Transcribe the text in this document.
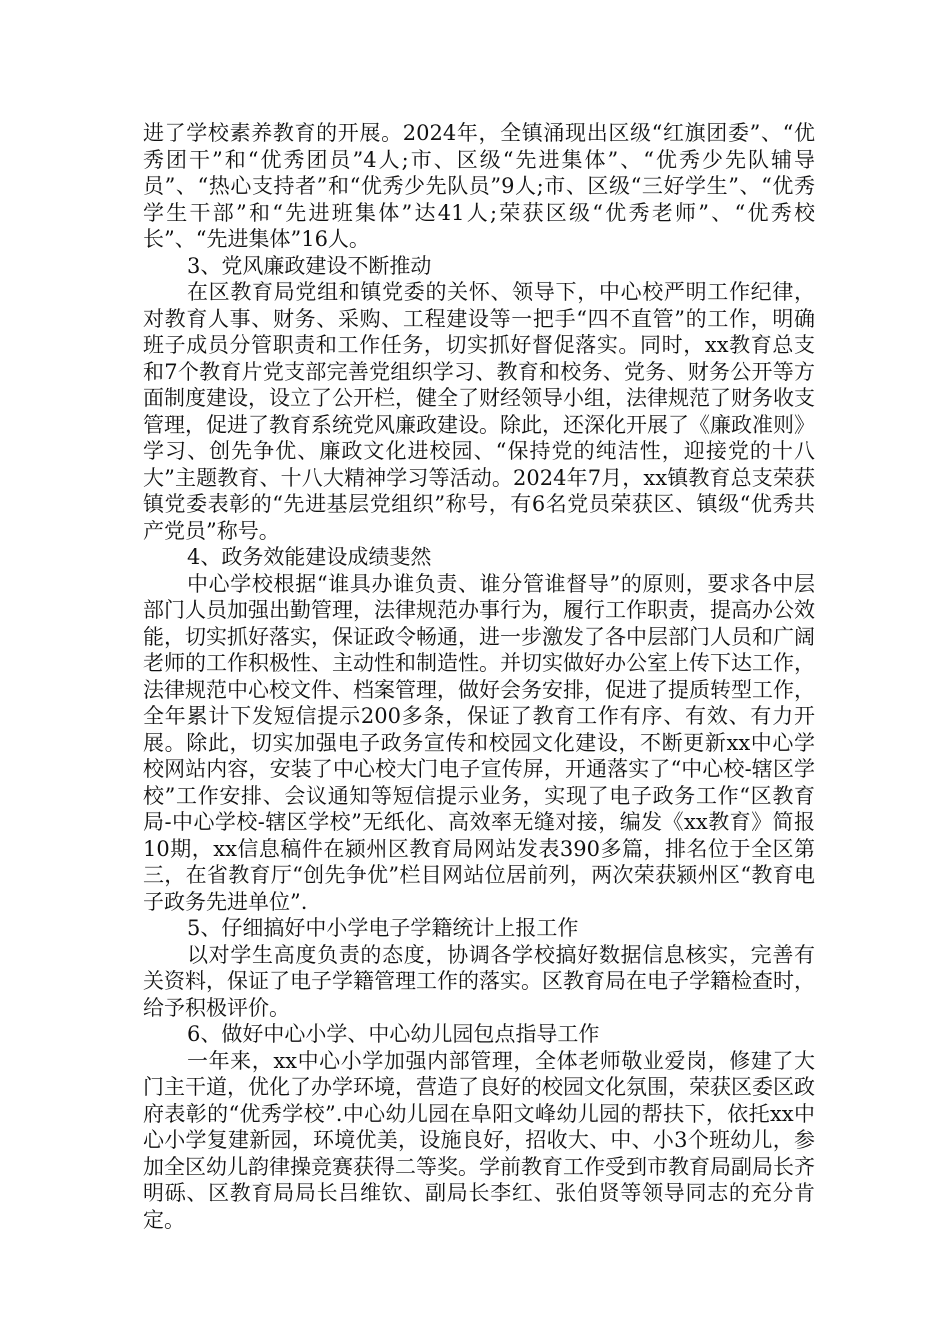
进了学校素养教育的开展。2024年，全镇涌现出区级“红旗团委”、“优秀团干”和“优秀团员”4人;市、区级“先进集体”、“优秀少先队辅导员”、“热心支持者”和“优秀少先队员”9人;市、区级“三好学生”、“优秀学生干部”和“先进班集体”达41人;荣获区级“优秀老师”、“优秀校长”、“先进集体”16人。

3、党风廉政建设不断推动

在区教育局党组和镇党委的关怀、领导下，中心校严明工作纪律，对教育人事、财务、采购、工程建设等一把手“四不直管”的工作，明确班子成员分管职责和工作任务，切实抓好督促落实。同时，xx教育总支和7个教育片党支部完善党组织学习、教育和校务、党务、财务公开等方面制度建设，设立了公开栏，健全了财经领导小组，法律规范了财务收支管理，促进了教育系统党风廉政建设。除此，还深化开展了《廉政准则》学习、创先争优、廉政文化进校园、“保持党的纯洁性，迎接党的十八大”主题教育、十八大精神学习等活动。2024年7月，xx镇教育总支荣获镇党委表彰的“先进基层党组织”称号，有6名党员荣获区、镇级“优秀共产党员”称号。

4、政务效能建设成绩斐然

中心学校根据“谁具办谁负责、谁分管谁督导”的原则，要求各中层部门人员加强出勤管理，法律规范办事行为，履行工作职责，提高办公效能，切实抓好落实，保证政令畅通，进一步激发了各中层部门人员和广阔老师的工作积极性、主动性和制造性。并切实做好办公室上传下达工作，法律规范中心校文件、档案管理，做好会务安排，促进了提质转型工作，全年累计下发短信提示200多条，保证了教育工作有序、有效、有力开展。除此，切实加强电子政务宣传和校园文化建设，不断更新xx中心学校网站内容，安装了中心校大门电子宣传屏，开通落实了“中心校-辖区学校”工作安排、会议通知等短信提示业务，实现了电子政务工作“区教育局-中心学校-辖区学校”无纸化、高效率无缝对接，编发《xx教育》简报10期，xx信息稿件在颍州区教育局网站发表390多篇，排名位于全区第三，在省教育厅“创先争优”栏目网站位居前列，两次荣获颍州区“教育电子政务先进单位”.

5、仔细搞好中小学电子学籍统计上报工作

以对学生高度负责的态度，协调各学校搞好数据信息核实，完善有关资料，保证了电子学籍管理工作的落实。区教育局在电子学籍检查时，给予积极评价。

6、做好中心小学、中心幼儿园包点指导工作

一年来，xx中心小学加强内部管理，全体老师敬业爱岗，修建了大门主干道，优化了办学环境，营造了良好的校园文化氛围，荣获区委区政府表彰的“优秀学校”.中心幼儿园在阜阳文峰幼儿园的帮扶下，依托xx中心小学复建新园，环境优美，设施良好，招收大、中、小3个班幼儿，参加全区幼儿韵律操竞赛获得二等奖。学前教育工作受到市教育局副局长齐明砾、区教育局局长吕维钦、副局长李红、张伯贤等领导同志的充分肯定。
